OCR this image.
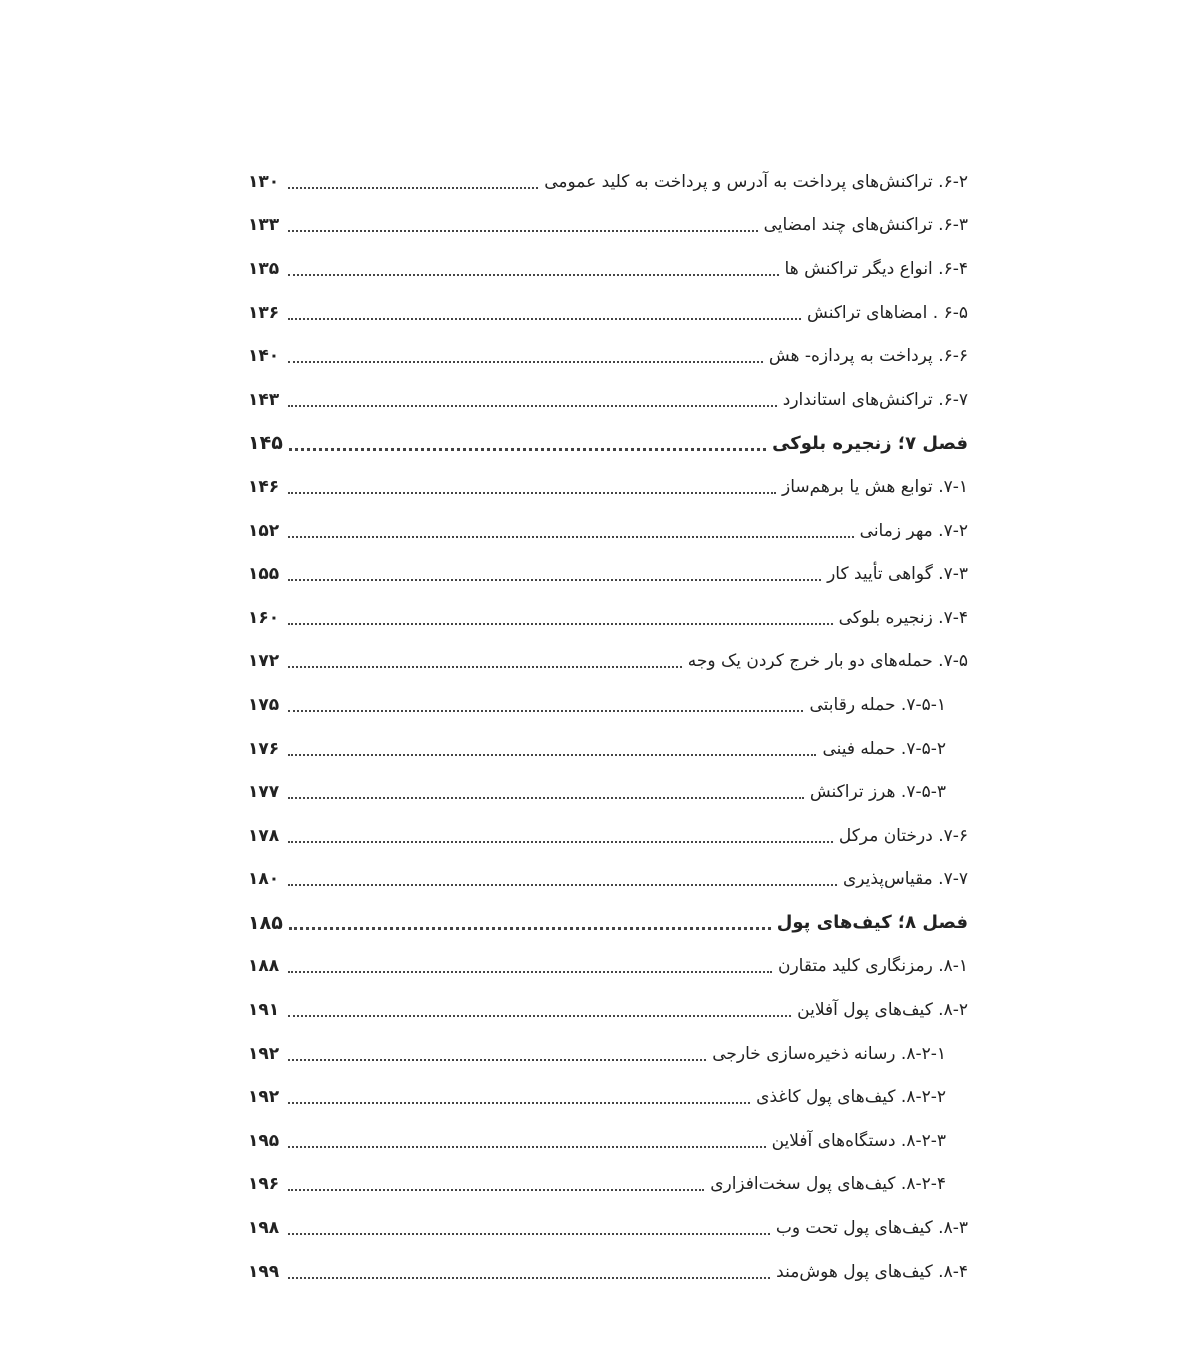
۶-۲. تراکنش‌های پرداخت به آدرس و پرداخت به کلید عمومی
۱۳۰
۶-۳. تراکنش‌های چند امضایی
۱۳۳
۶-۴. انواع دیگر تراکنش ها
۱۳۵
۶-۵ . امضاهای تراکنش
۱۳۶
۶-۶. پرداخت به پردازه- هش
۱۴۰
۶-۷. تراکنش‌های استاندارد
۱۴۳
فصل ۷؛ زنجیره بلوکی
۱۴۵
۷-۱. توابع هش یا برهم‌ساز
۱۴۶
۷-۲. مهر زمانی
۱۵۲
۷-۳. گواهی تأیید کار
۱۵۵
۷-۴. زنجیره بلوکی
۱۶۰
۷-۵. حمله‌های دو بار خرج کردن یک وجه
۱۷۲
۷-۵-۱. حمله رقابتی
۱۷۵
۷-۵-۲. حمله فینی
۱۷۶
۷-۵-۳. هرز تراکنش
۱۷۷
۷-۶. درختان مرکل
۱۷۸
۷-۷. مقیاس‌پذیری
۱۸۰
فصل ۸؛ کیف‌های پول
۱۸۵
۸-۱. رمزنگاری کلید متقارن
۱۸۸
۸-۲. کیف‌های پول آفلاین
۱۹۱
۸-۲-۱. رسانه ذخیره‌سازی خارجی
۱۹۲
۸-۲-۲. کیف‌های پول کاغذی
۱۹۲
۸-۲-۳. دستگاه‌های آفلاین
۱۹۵
۸-۲-۴. کیف‌های پول سخت‌افزاری
۱۹۶
۸-۳. کیف‌های پول تحت وب
۱۹۸
۸-۴. کیف‌های پول هوش‌مند
۱۹۹
